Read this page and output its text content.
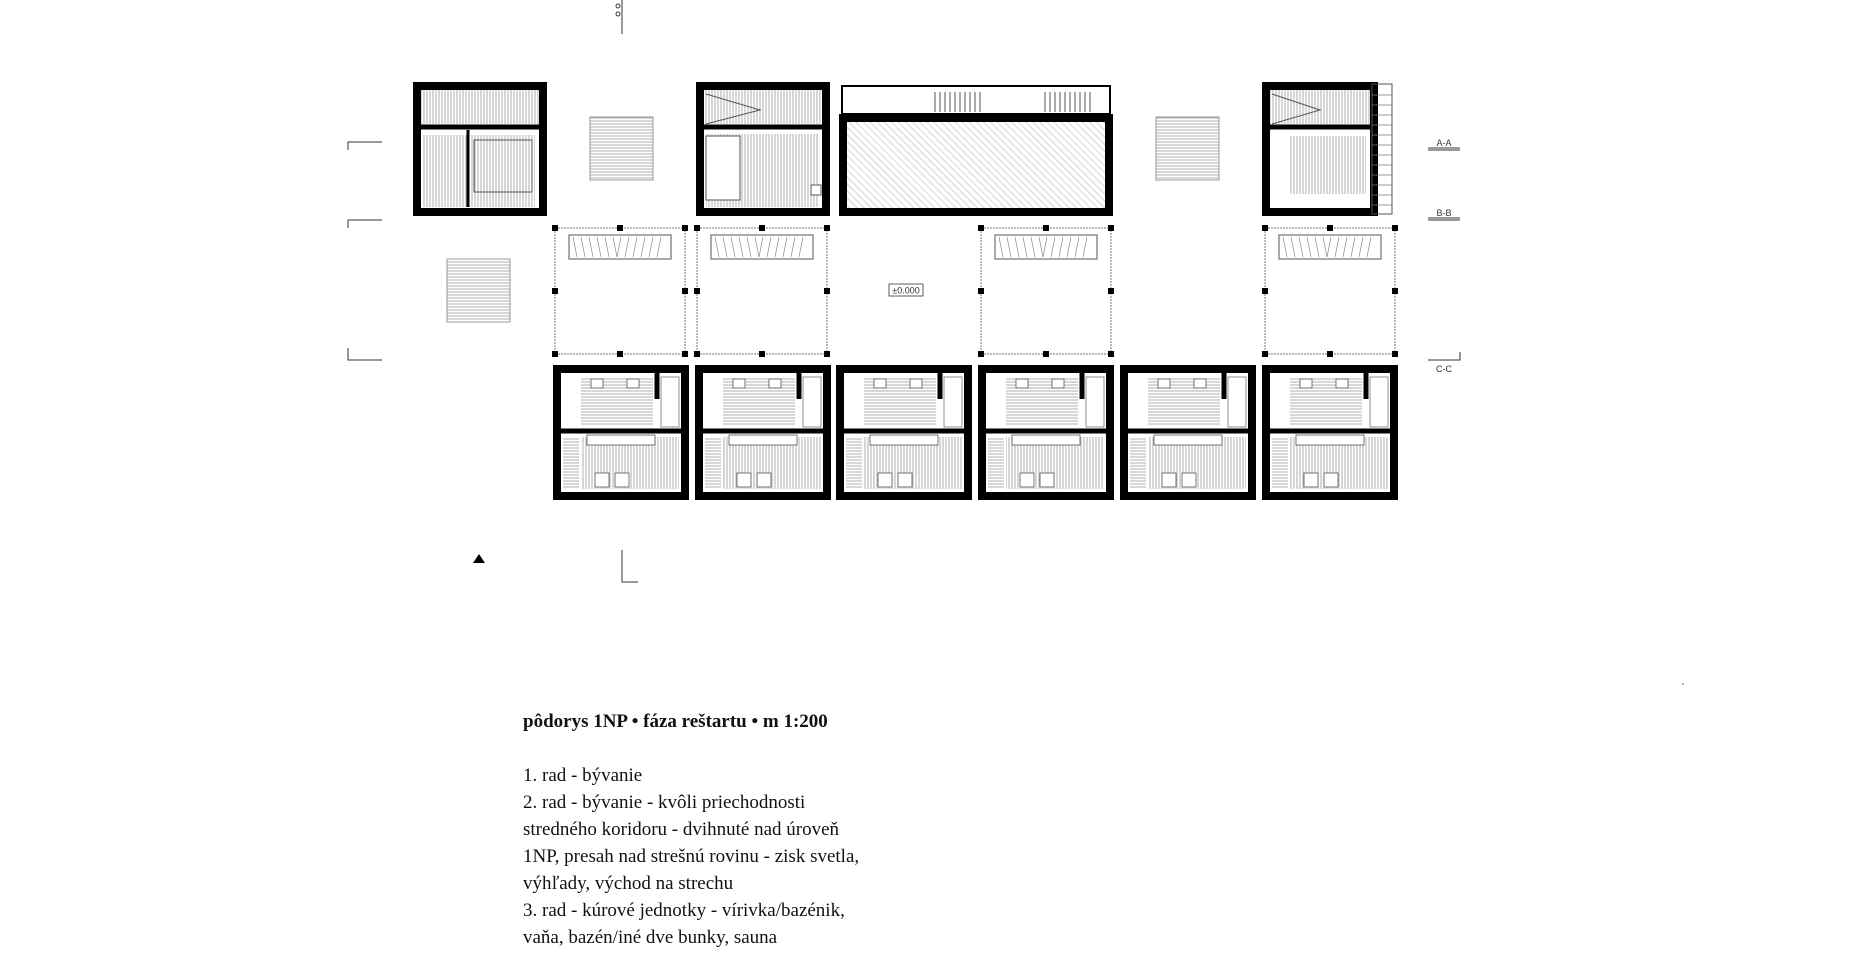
±0.000
A-A
B-B
C-C
pôdorys 1NP • fáza reštartu • m 1:200
1. rad - bývanie
2. rad - bývanie - kvôli priechodnosti
stredného koridoru - dvihnuté nad úroveň
1NP, presah nad strešnú rovinu - zisk svetla,
výhľady, východ na strechu
3. rad - kúrové jednotky - vírivka/bazénik,
vaňa, bazén/iné dve bunky, sauna
